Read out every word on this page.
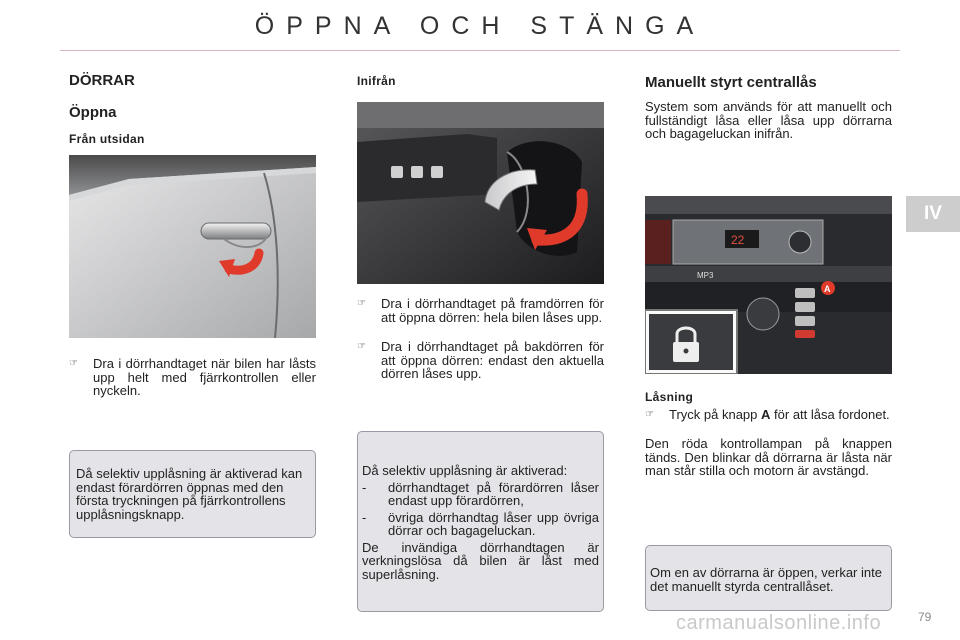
ÖPPNA OCH STÄNGA
IV
DÖRRAR
Öppna
Från utsidan
☞ Dra i dörrhandtaget när bilen har låsts upp helt med fjärrkontrollen eller nyckeln.
Då selektiv upplåsning är aktiverad kan endast förardörren öppnas med den första tryckningen på fjärrkontrollens upplåsningsknapp.
Inifrån
☞ Dra i dörrhandtaget på framdörren för att öppna dörren: hela bilen låses upp.
☞ Dra i dörrhandtaget på bakdörren för att öppna dörren: endast den aktuella dörren låses upp.
Då selektiv upplåsning är aktiverad:
- dörrhandtaget på förardörren låser endast upp förardörren,
- övriga dörrhandtag låser upp övriga dörrar och bagageluckan.
De invändiga dörrhandtagen är verkningslösa då bilen är låst med superlåsning.
Manuellt styrt centrallås
System som används för att manuellt och fullständigt låsa eller låsa upp dörrarna och bagageluckan inifrån.
22
MP3
A
Låsning
☞ Tryck på knapp A för att låsa fordonet.
Den röda kontrollampan på knappen tänds. Den blinkar då dörrarna är låsta när man står stilla och motorn är avstängd.
Om en av dörrarna är öppen, verkar inte det manuellt styrda centrallåset.
carmanualsonline.info	79
